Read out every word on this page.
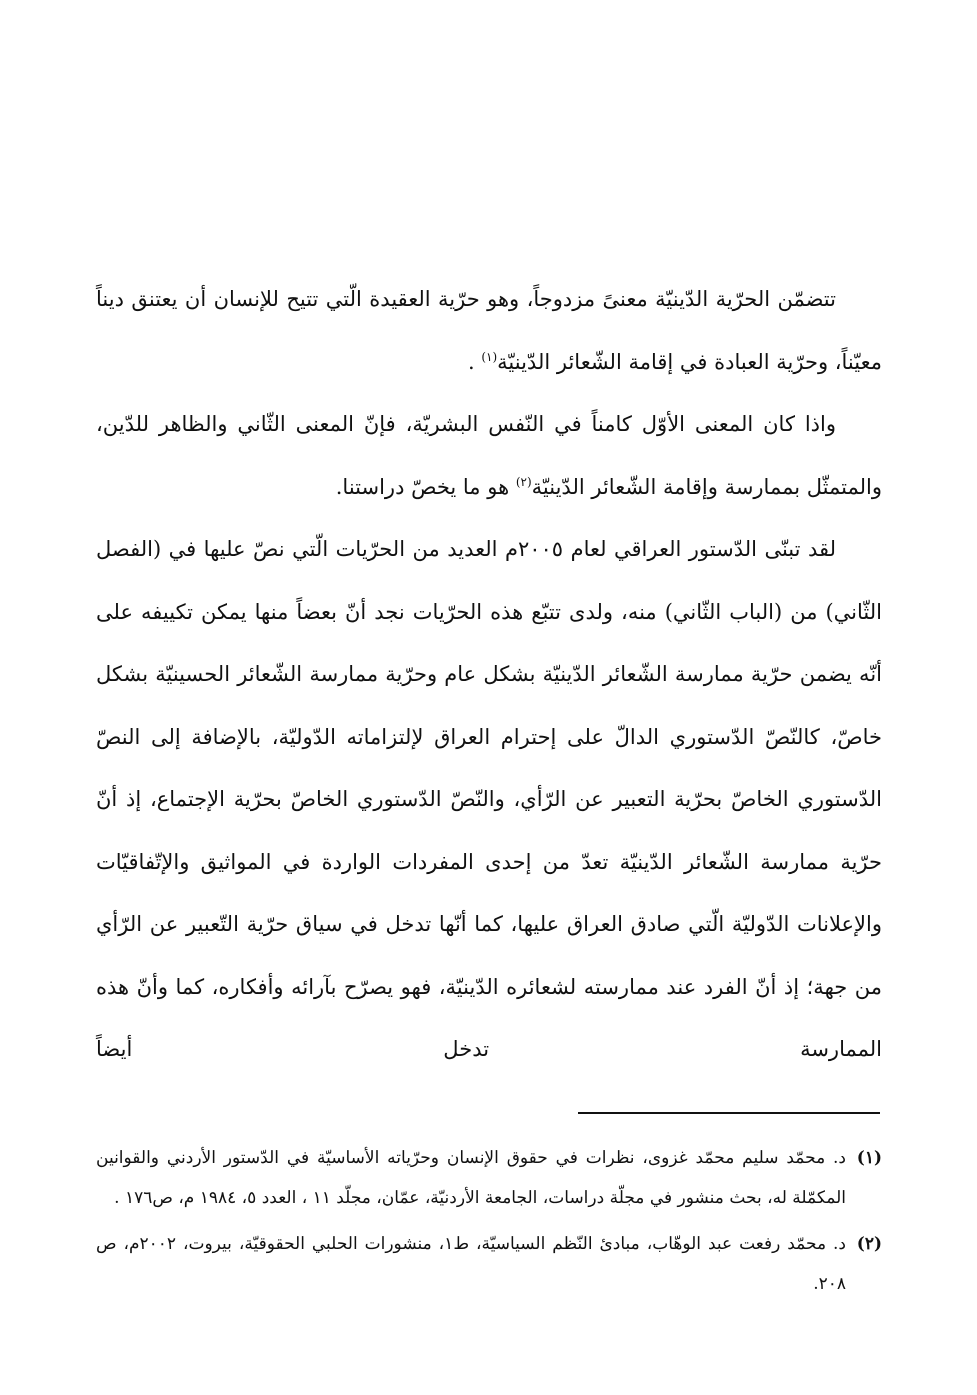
تتضمّن الحرّية الدّينيّة معنىً مزدوجاً، وهو حرّية العقيدة الّتي تتيح للإنسان أن يعتنق ديناً معيّناً، وحرّية العبادة في إقامة الشّعائر الدّينيّة$^{(١)}$ .

واذا كان المعنى الأوّل كامناً في النّفس البشريّة، فإنّ المعنى الثّاني والظاهر للدّين، والمتمثّل بممارسة وإقامة الشّعائر الدّينيّة$^{(٢)}$ هو ما يخصّ دراستنا.

لقد تبنّى الدّستور العراقي لعام ٢٠٠٥م العديد من الحرّيات الّتي نصّ عليها في (الفصل الثّاني) من (الباب الثّاني) منه، ولدى تتبّع هذه الحرّيات نجد أنّ بعضاً منها يمكن تكييفه على أنّه يضمن حرّية ممارسة الشّعائر الدّينيّة بشكل عام وحرّية ممارسة الشّعائر الحسينيّة بشكل خاصّ، كالنّصّ الدّستوري الدالّ على إحترام العراق لإلتزاماته الدّوليّة، بالإضافة إلى النصّ الدّستوري الخاصّ بحرّية التعبير عن الرّأي، والنّصّ الدّستوري الخاصّ بحرّية الإجتماع، إذ أنّ حرّية ممارسة الشّعائر الدّينيّة تعدّ من إحدى المفردات الواردة في المواثيق والإتّفاقيّات والإعلانات الدّوليّة الّتي صادق العراق عليها، كما أنّها تدخل في سياق حرّية التّعبير عن الرّأي من جهة؛ إذ أنّ الفرد عند ممارسته لشعائره الدّينيّة، فهو يصرّح بآرائه وأفكاره، كما وأنّ هذه الممارسة تدخل أيضاً

(١)
د. محمّد سليم محمّد غزوى، نظرات في حقوق الإنسان وحرّياته الأساسيّة في الدّستور الأردني والقوانين المكمّلة له، بحث منشور في مجلّة دراسات، الجامعة الأردنيّة، عمّان، مجلّد ١١ ، العدد ٥، ١٩٨٤ م، ص١٧٦ .

(٢)
د. محمّد رفعت عبد الوهّاب، مبادئ النّظم السياسيّة، ط١، منشورات الحلبي الحقوقيّة، بيروت، ٢٠٠٢م، ص ٢٠٨.
